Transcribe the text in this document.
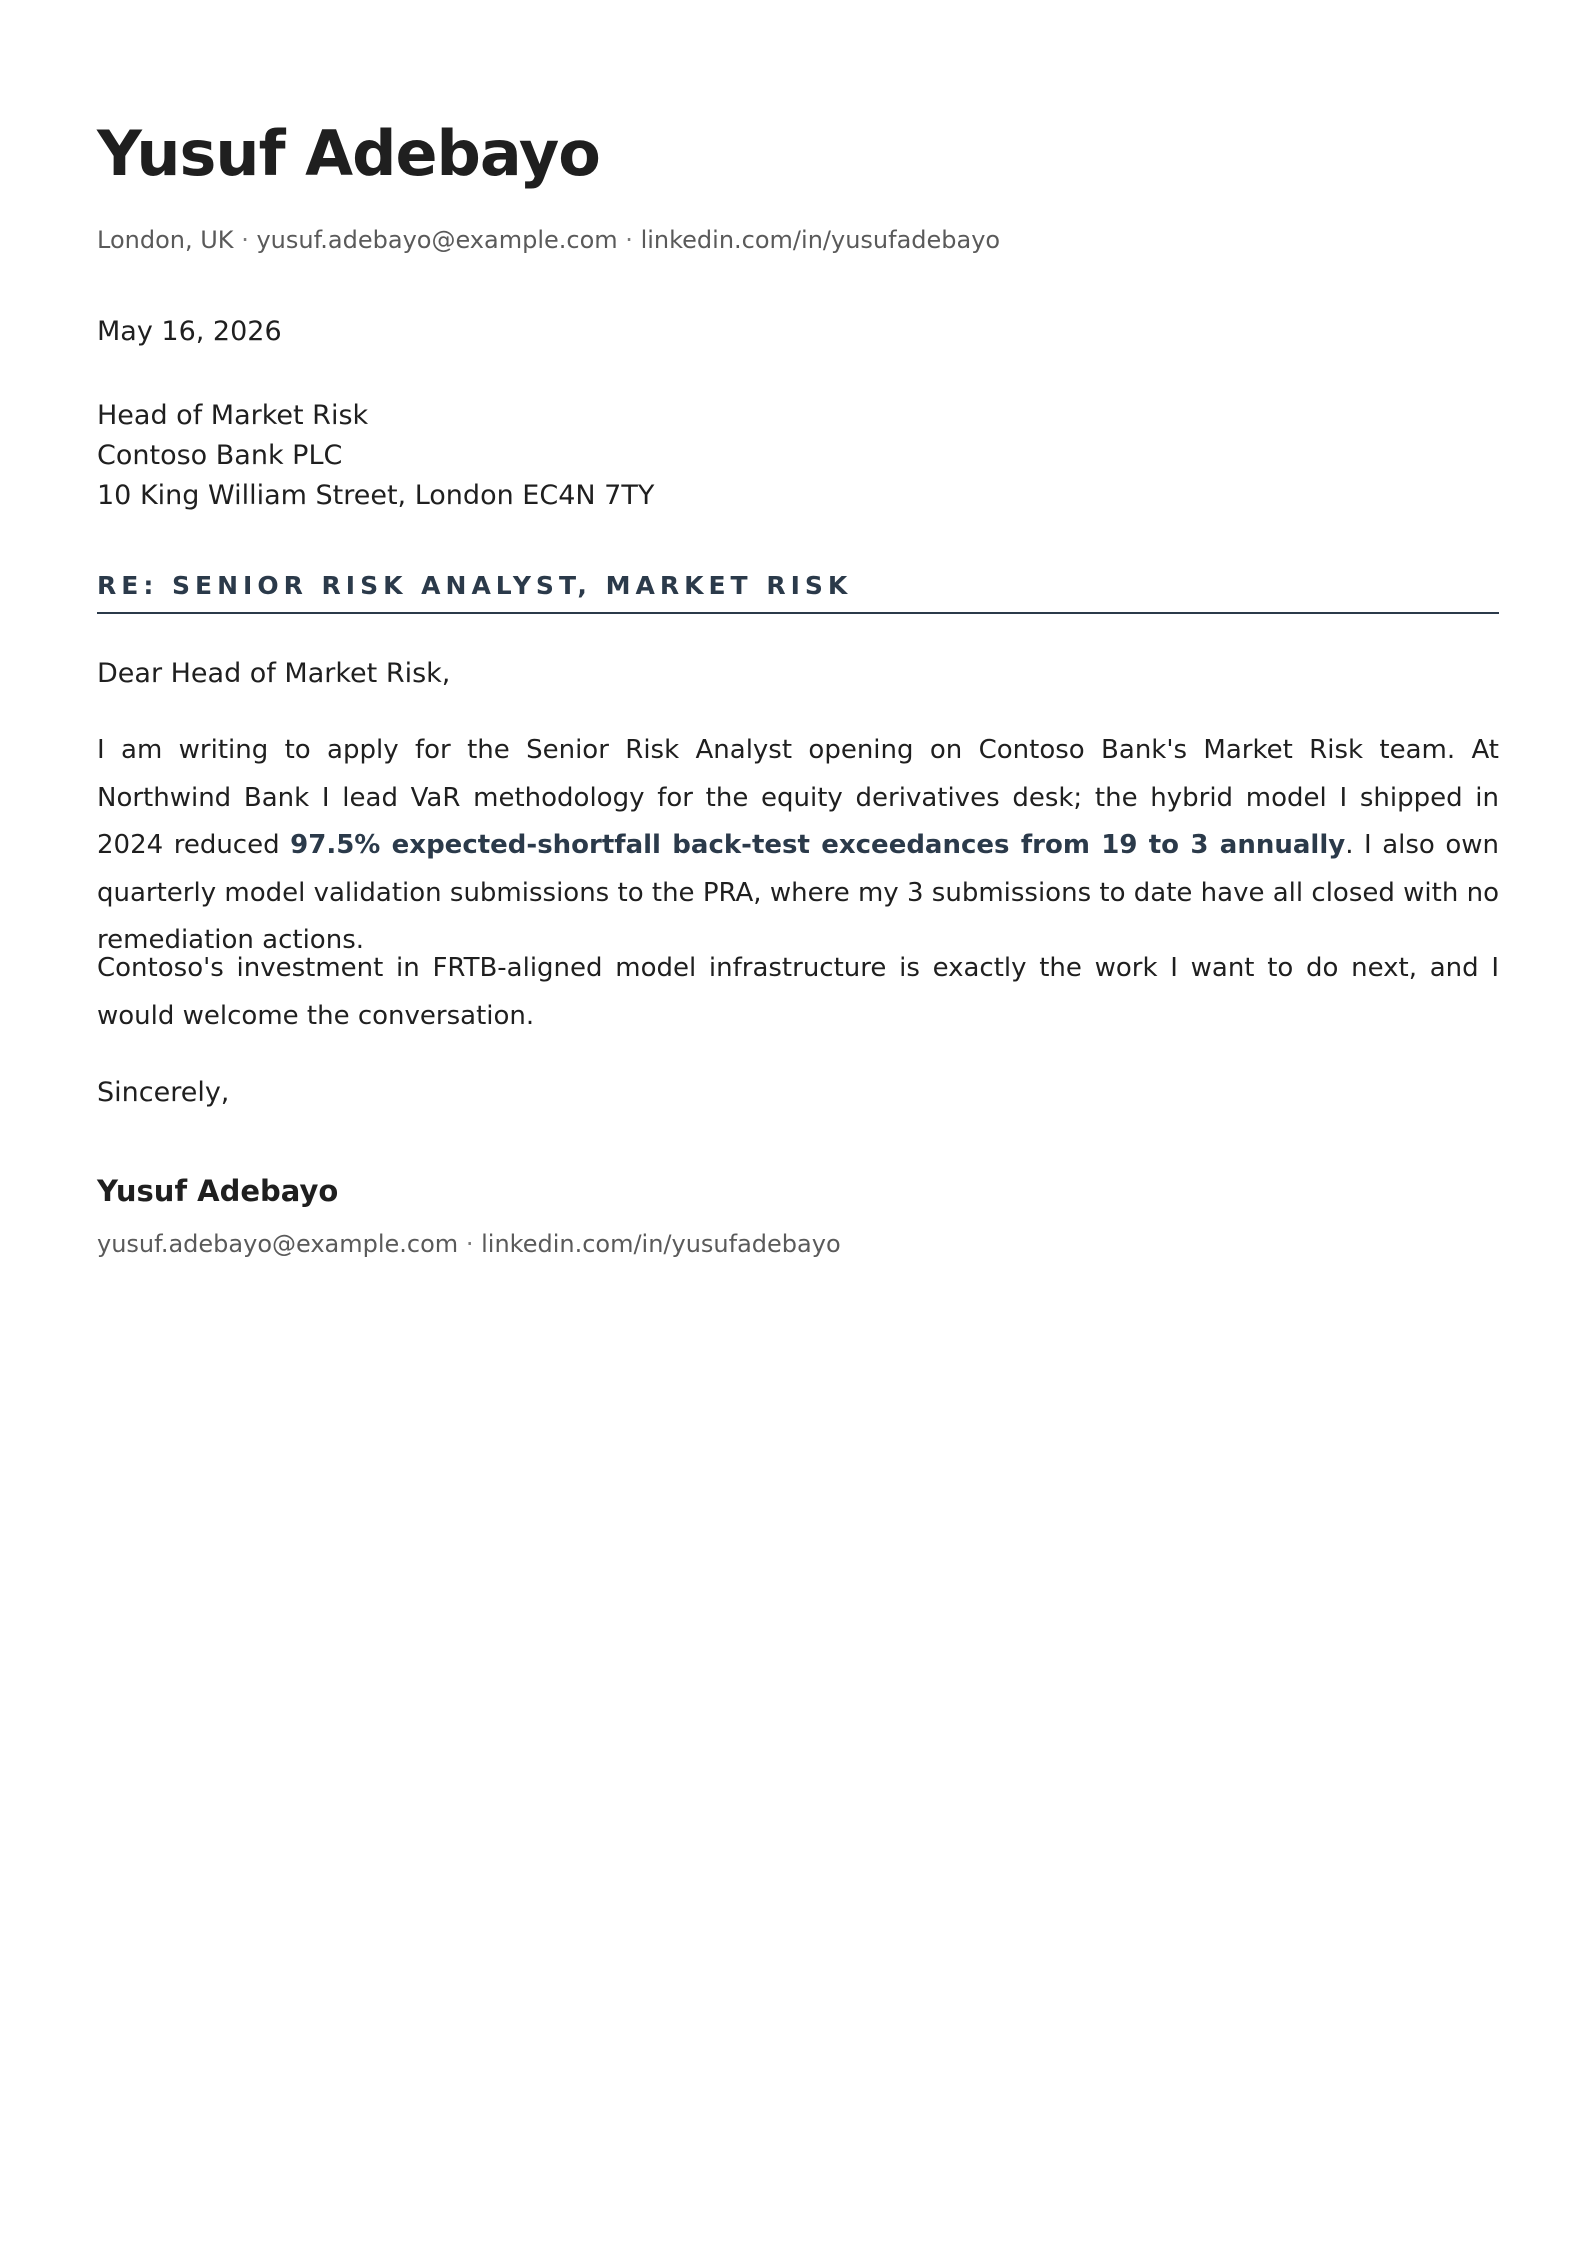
Yusuf Adebayo
London, UK · yusuf.adebayo@example.com · linkedin.com/in/yusufadebayo
May 16, 2026
Head of Market Risk
Contoso Bank PLC
10 King William Street, London EC4N 7TY
RE: SENIOR RISK ANALYST, MARKET RISK
Dear Head of Market Risk,

I am writing to apply for the Senior Risk Analyst opening on Contoso Bank's Market Risk team. At Northwind Bank I lead VaR methodology for the equity derivatives desk; the hybrid model I shipped in 2024 reduced 97.5% expected-shortfall back-test exceedances from 19 to 3 annually. I also own quarterly model validation submissions to the PRA, where my 3 submissions to date have all closed with no remediation actions.

Contoso's investment in FRTB-aligned model infrastructure is exactly the work I want to do next, and I would welcome the conversation.

Sincerely,
Yusuf Adebayo
yusuf.adebayo@example.com · linkedin.com/in/yusufadebayo
